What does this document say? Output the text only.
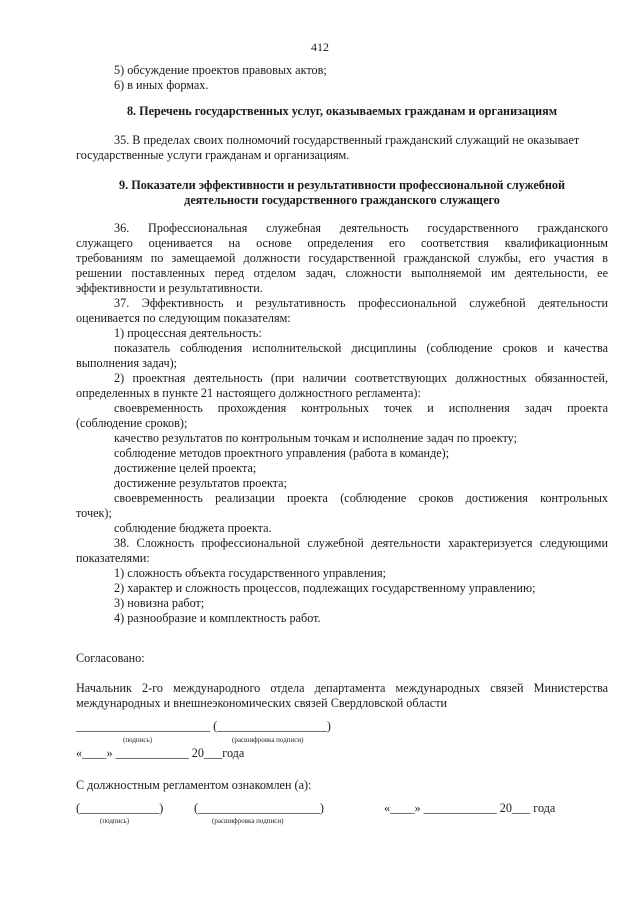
412
5) обсуждение проектов правовых актов;
6) в иных формах.
8. Перечень государственных услуг, оказываемых гражданам и организациям
35. В пределах своих полномочий государственный гражданский служащий не оказывает
государственные услуги гражданам и организациям.
9. Показатели эффективности и результативности профессиональной служебной
деятельности государственного гражданского служащего
36. Профессиональная служебная деятельность государственного гражданского
служащего оценивается на основе определения его соответствия квалификационным
требованиям по замещаемой должности государственной гражданской службы, его участия в
решении поставленных перед отделом задач, сложности выполняемой им деятельности, ее
эффективности и результативности.
37. Эффективность и результативность профессиональной служебной деятельности
оценивается по следующим показателям:
1) процессная деятельность:
показатель соблюдения исполнительской дисциплины (соблюдение сроков и качества
выполнения задач);
2) проектная деятельность (при наличии соответствующих должностных обязанностей,
определенных в пункте 21 настоящего должностного регламента):
своевременность прохождения контрольных точек и исполнения задач проекта
(соблюдение сроков);
качество результатов по контрольным точкам и исполнение задач по проекту;
соблюдение методов проектного управления (работа в команде);
достижение целей проекта;
достижение результатов проекта;
своевременность реализации проекта (соблюдение сроков достижения контрольных
точек);
соблюдение бюджета проекта.
38. Сложность профессиональной служебной деятельности характеризуется следующими
показателями:
1) сложность объекта государственного управления;
2) характер и сложность процессов, подлежащих государственному управлению;
3) новизна работ;
4) разнообразие и комплектность работ.
Согласовано:
Начальник 2-го международного отдела департамента международных связей Министерства
международных и внешнеэкономических связей Свердловской области
______________________ (__________________)
(подпись)	(расшифровка подписи)
«____» ____________ 20___года
С должностным регламентом ознакомлен (а):
(_____________)	(____________________)	«____» ____________ 20___ года
(подпись)	(расшифровка подписи)
